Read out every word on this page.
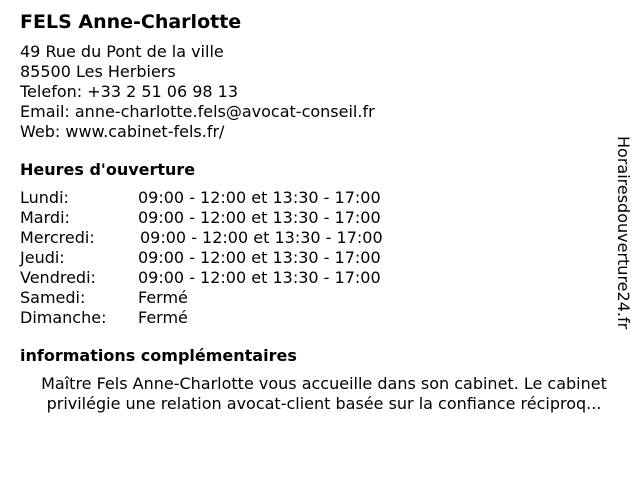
FELS Anne-Charlotte
49 Rue du Pont de la ville
85500 Les Herbiers
Telefon: +33 2 51 06 98 13
Email: anne-charlotte.fels@avocat-conseil.fr
Web: www.cabinet-fels.fr/
Heures d'ouverture
Lundi:	09:00 - 12:00 et 13:30 - 17:00
Mardi:	09:00 - 12:00 et 13:30 - 17:00
Mercredi:	09:00 - 12:00 et 13:30 - 17:00
Jeudi:	09:00 - 12:00 et 13:30 - 17:00
Vendredi:	09:00 - 12:00 et 13:30 - 17:00
Samedi:	Fermé
Dimanche:	Fermé
informations complémentaires
Maître Fels Anne-Charlotte vous accueille dans son cabinet. Le cabinet
privilégie une relation avocat-client basée sur la confiance réciproq...
Horairesdouverture24.fr
